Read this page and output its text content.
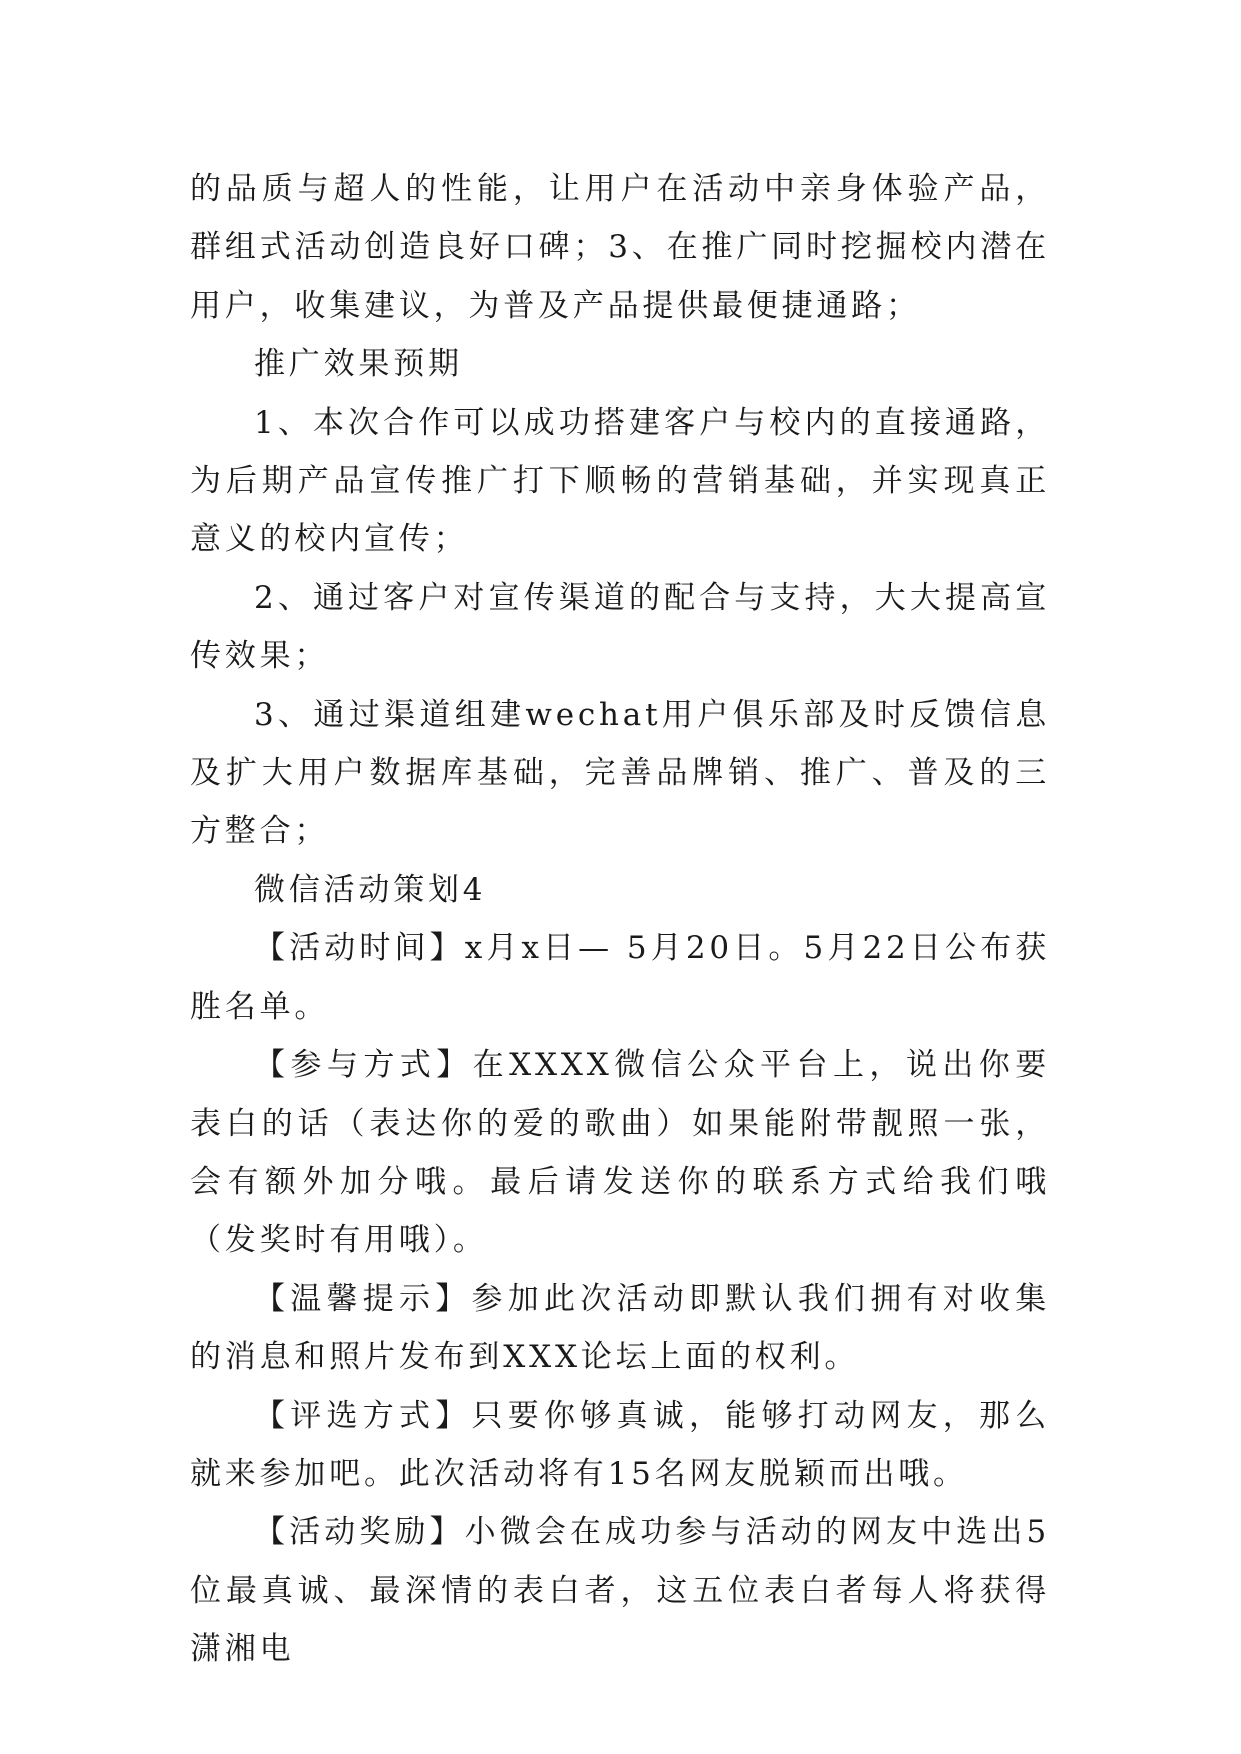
的品质与超人的性能，让用户在活动中亲身体验产品，群组式活动创造良好口碑；3、在推广同时挖掘校内潜在用户，收集建议，为普及产品提供最便捷通路；

推广效果预期

1、本次合作可以成功搭建客户与校内的直接通路，为后期产品宣传推广打下顺畅的营销基础，并实现真正意义的校内宣传；

2、通过客户对宣传渠道的配合与支持，大大提高宣传效果；

3、通过渠道组建wechat用户俱乐部及时反馈信息及扩大用户数据库基础，完善品牌销、推广、普及的三方整合；

微信活动策划4

【活动时间】x月x日— 5月20日。5月22日公布获胜名单。

【参与方式】在XXXX微信公众平台上，说出你要表白的话（表达你的爱的歌曲）如果能附带靓照一张，会有额外加分哦。最后请发送你的联系方式给我们哦（发奖时有用哦）。

【温馨提示】参加此次活动即默认我们拥有对收集的消息和照片发布到XXX论坛上面的权利。

【评选方式】只要你够真诚，能够打动网友，那么就来参加吧。此次活动将有15名网友脱颖而出哦。

【活动奖励】小微会在成功参与活动的网友中选出5位最真诚、最深情的表白者，这五位表白者每人将获得潇湘电
